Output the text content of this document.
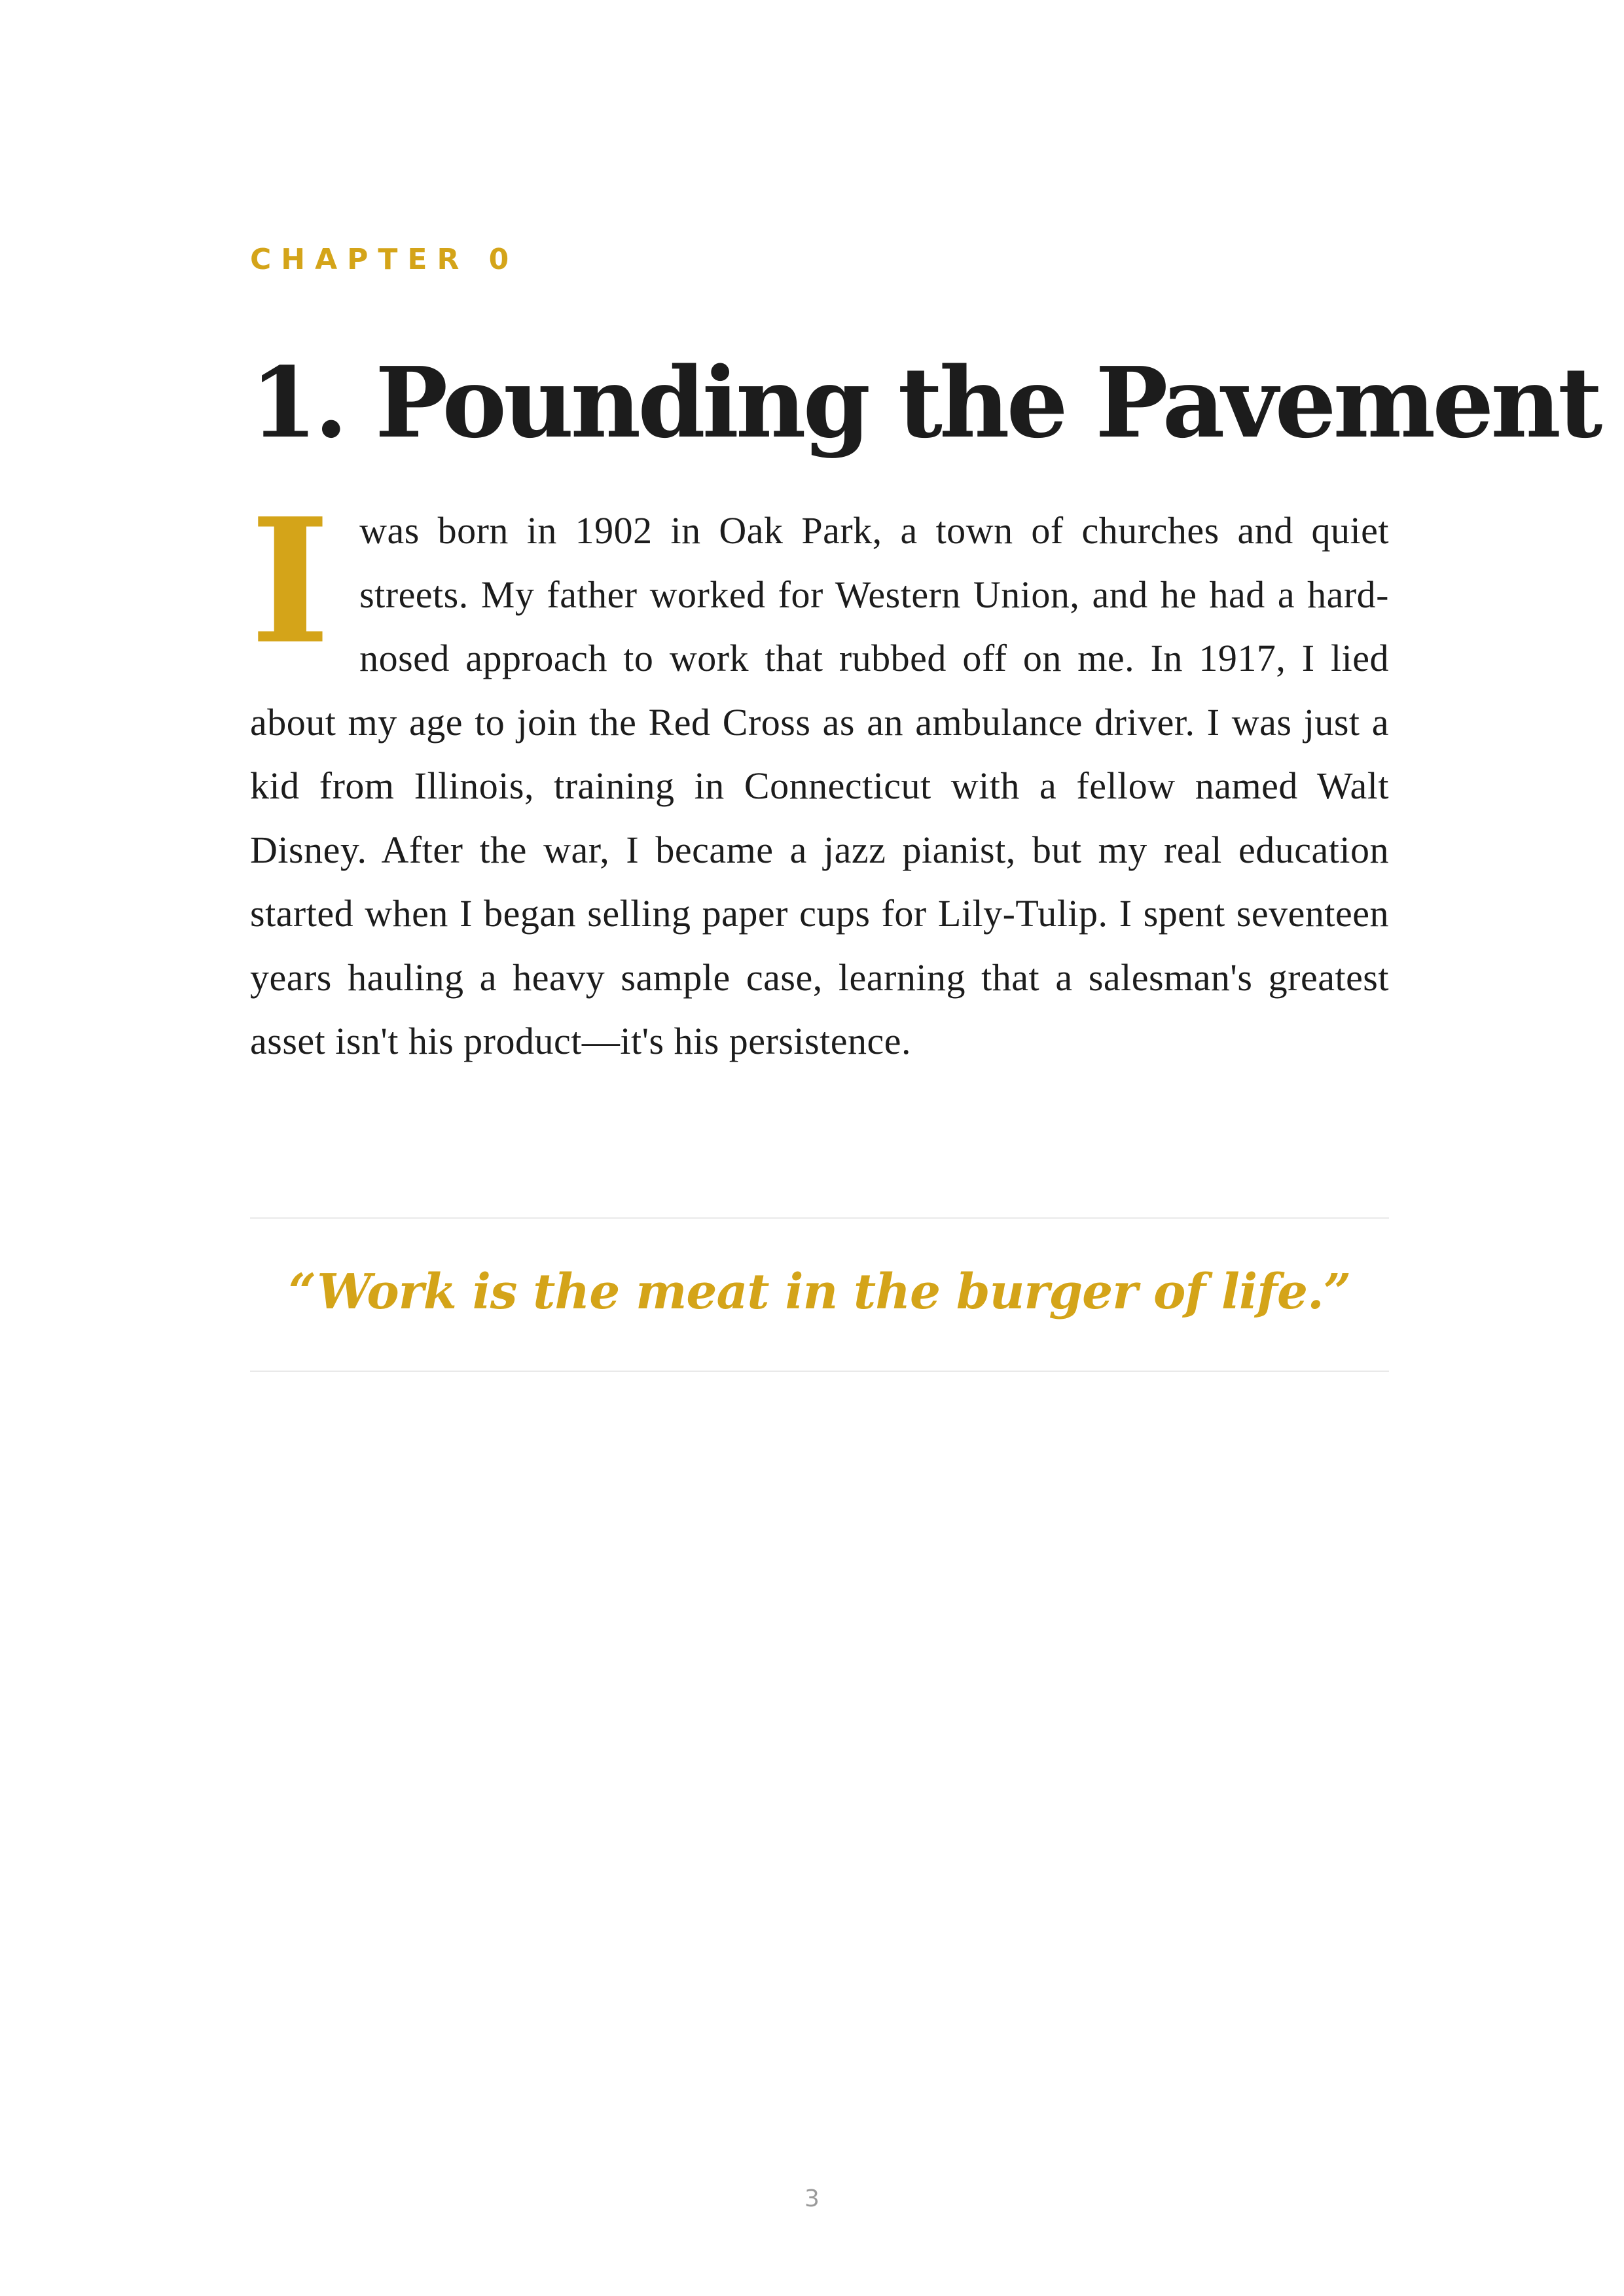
CHAPTER 0
1. Pounding the Pavement

Iwas born in 1902 in Oak Park, a town of churches and quiet streets. My father worked for Western Union, and he had a hard-nosed approach to work that rubbed off on me. In 1917, I lied about my age to join the Red Cross as an ambulance driver. I was just a kid from Illinois, training in Connecticut with a fellow named Walt Disney. After the war, I became a jazz pianist, but my real education started when I began selling paper cups for Lily-Tulip. I spent seventeen years hauling a heavy sample case, learning that a salesman's greatest asset isn't his product—it's his persistence.

“Work is the meat in the burger of life.”

3
